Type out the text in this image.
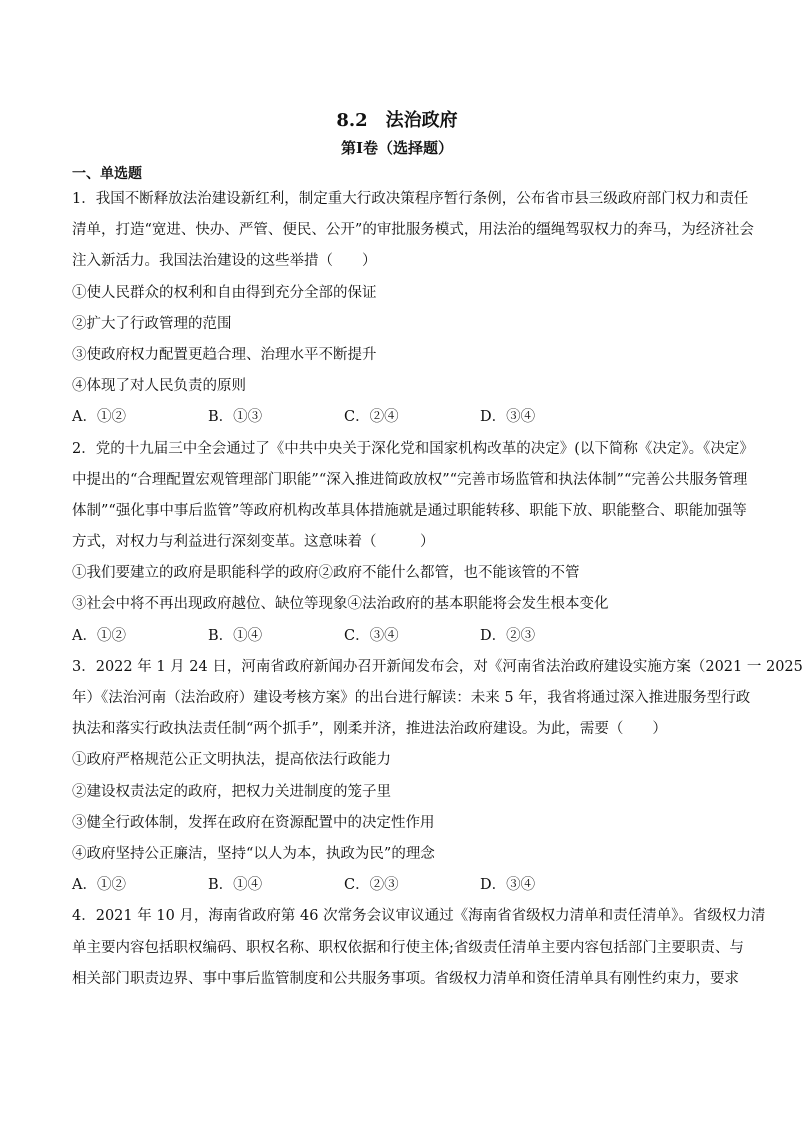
8.2　法治政府
第I卷（选择题）
一、单选题
1．我国不断释放法治建设新红利，制定重大行政决策程序暂行条例，公布省市县三级政府部门权力和责任
清单，打造“宽进、快办、严管、便民、公开”的审批服务模式，用法治的缰绳驾驭权力的奔马，为经济社会
注入新活力。我国法治建设的这些举措（　　）
①使人民群众的权利和自由得到充分全部的保证
②扩大了行政管理的范围
③使政府权力配置更趋合理、治理水平不断提升
④体现了对人民负责的原则
A．①②	B．①③	C．②④	D．③④
2．党的十九届三中全会通过了《中共中央关于深化党和国家机构改革的决定》(以下简称《决定》。《决定》
中提出的“合理配置宏观管理部门职能”“深入推进简政放权”“完善市场监管和执法体制”“完善公共服务管理
体制”“强化事中事后监管”等政府机构改革具体措施就是通过职能转移、职能下放、职能整合、职能加强等
方式，对权力与利益进行深刻变革。这意味着（　　　）
①我们要建立的政府是职能科学的政府②政府不能什么都管，也不能该管的不管
③社会中将不再出现政府越位、缺位等现象④法治政府的基本职能将会发生根本变化
A．①②	B．①④	C．③④	D．②③
3．2022 年 1 月 24 日，河南省政府新闻办召开新闻发布会，对《河南省法治政府建设实施方案（2021 一 2025
年）《法治河南（法治政府）建设考核方案》的出台进行解读：未来 5 年，我省将通过深入推进服务型行政
执法和落实行政执法责任制“两个抓手”，刚柔并济，推进法治政府建设。为此，需要（　　）
①政府严格规范公正文明执法，提高依法行政能力
②建设权责法定的政府，把权力关进制度的笼子里
③健全行政体制，发挥在政府在资源配置中的决定性作用
④政府坚持公正廉洁，坚持“以人为本，执政为民”的理念
A．①②	B．①④	C．②③	D．③④
4．2021 年 10 月，海南省政府第 46 次常务会议审议通过《海南省省级权力清单和责任清单》。省级权力清
单主要内容包括职权编码、职权名称、职权依据和行使主体;省级责任清单主要内容包括部门主要职责、与
相关部门职责边界、事中事后监管制度和公共服务事项。省级权力清单和资任清单具有刚性约束力，要求
